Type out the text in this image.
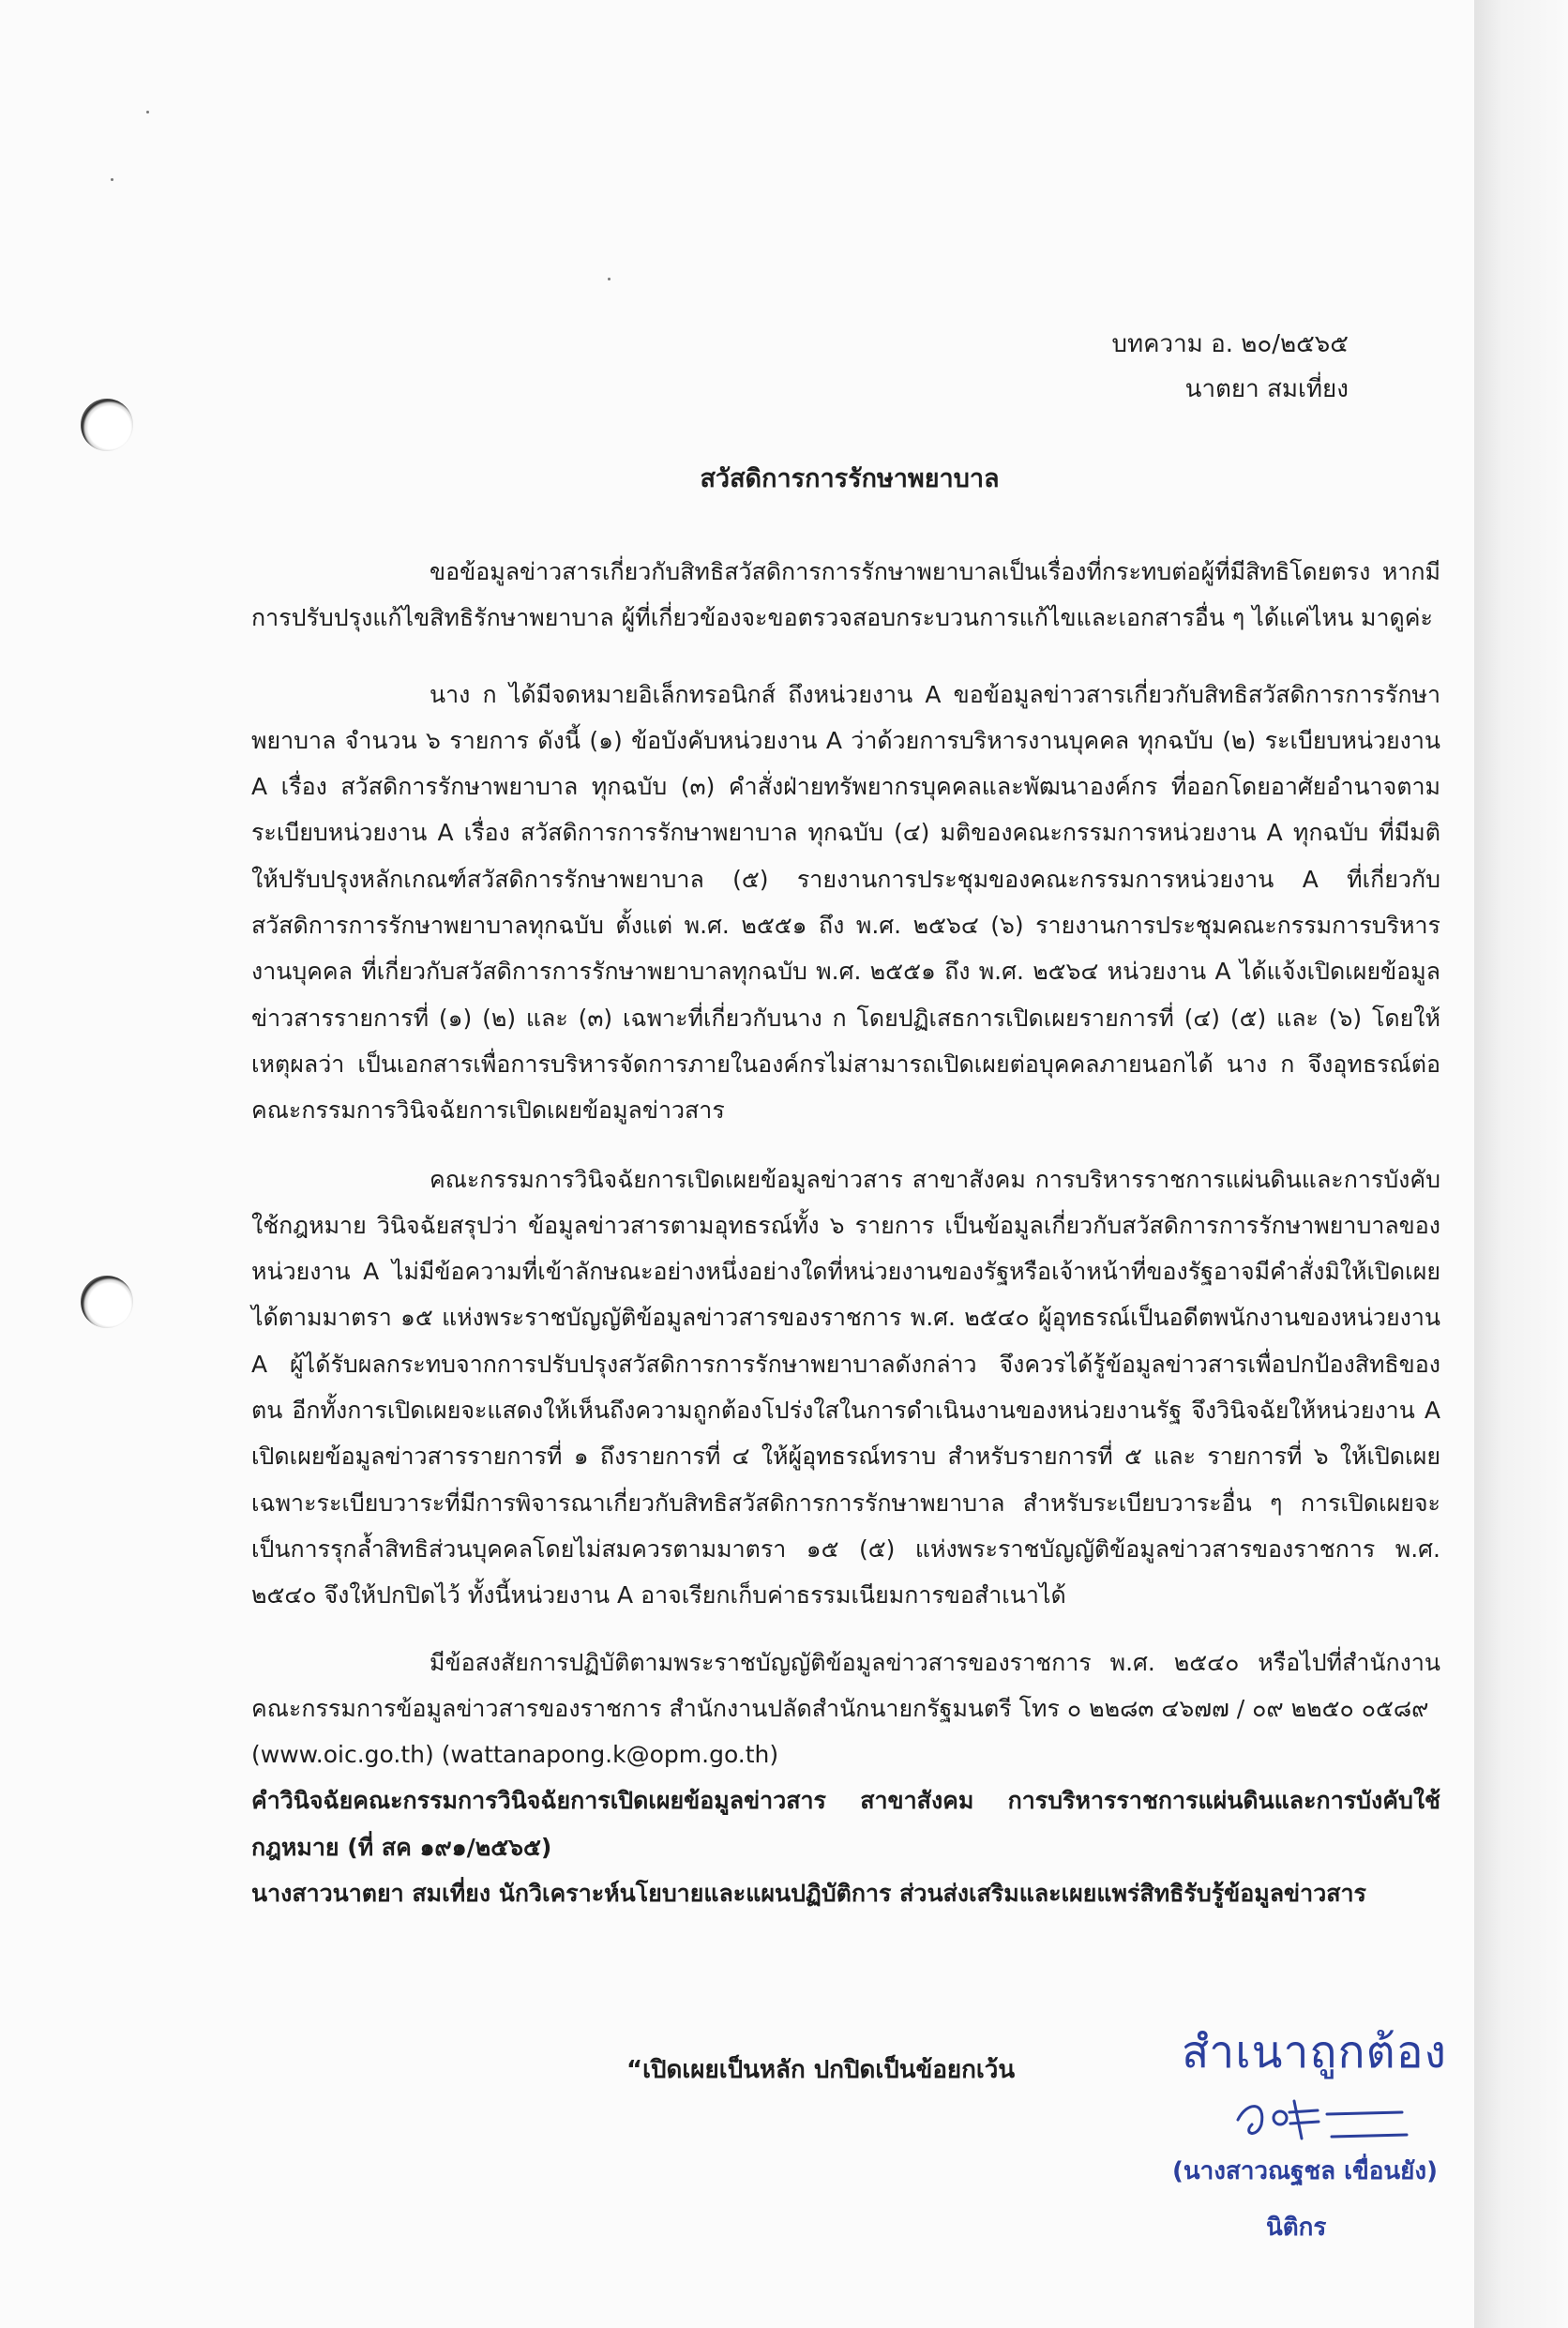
บทความ อ. ๒๐/๒๕๖๕
นาตยา สมเที่ยง
สวัสดิการการรักษาพยาบาล

ขอข้อมูลข่าวสารเกี่ยวกับสิทธิสวัสดิการการรักษาพยาบาลเป็นเรื่องที่กระทบต่อผู้ที่มีสิทธิโดยตรง หากมีการปรับปรุงแก้ไขสิทธิรักษาพยาบาล ผู้ที่เกี่ยวข้องจะขอตรวจสอบกระบวนการแก้ไขและเอกสารอื่น ๆ ได้แค่ไหน มาดูค่ะ

นาง ก ได้มีจดหมายอิเล็กทรอนิกส์ ถึงหน่วยงาน A ขอข้อมูลข่าวสารเกี่ยวกับสิทธิสวัสดิการการรักษาพยาบาล จำนวน ๖ รายการ ดังนี้ (๑) ข้อบังคับหน่วยงาน A ว่าด้วยการบริหารงานบุคคล ทุกฉบับ (๒) ระเบียบหน่วยงาน A เรื่อง สวัสดิการรักษาพยาบาล ทุกฉบับ (๓) คำสั่งฝ่ายทรัพยากรบุคคลและพัฒนาองค์กร ที่ออกโดยอาศัยอำนาจตามระเบียบหน่วยงาน A เรื่อง สวัสดิการการรักษาพยาบาล ทุกฉบับ (๔) มติของคณะกรรมการหน่วยงาน A ทุกฉบับ ที่มีมติให้ปรับปรุงหลักเกณฑ์สวัสดิการรักษาพยาบาล (๕) รายงานการประชุมของคณะกรรมการหน่วยงาน A ที่เกี่ยวกับสวัสดิการการรักษาพยาบาลทุกฉบับ ตั้งแต่ พ.ศ. ๒๕๕๑ ถึง พ.ศ. ๒๕๖๔ (๖) รายงานการประชุมคณะกรรมการบริหารงานบุคคล ที่เกี่ยวกับสวัสดิการการรักษาพยาบาลทุกฉบับ พ.ศ. ๒๕๕๑ ถึง พ.ศ. ๒๕๖๔ หน่วยงาน A ได้แจ้งเปิดเผยข้อมูลข่าวสารรายการที่ (๑) (๒) และ (๓) เฉพาะที่เกี่ยวกับนาง ก โดยปฏิเสธการเปิดเผยรายการที่ (๔) (๕) และ (๖) โดยให้เหตุผลว่า เป็นเอกสารเพื่อการบริหารจัดการภายในองค์กรไม่สามารถเปิดเผยต่อบุคคลภายนอกได้ นาง ก จึงอุทธรณ์ต่อคณะกรรมการวินิจฉัยการเปิดเผยข้อมูลข่าวสาร

คณะกรรมการวินิจฉัยการเปิดเผยข้อมูลข่าวสาร สาขาสังคม การบริหารราชการแผ่นดินและการบังคับใช้กฎหมาย วินิจฉัยสรุปว่า ข้อมูลข่าวสารตามอุทธรณ์ทั้ง ๖ รายการ เป็นข้อมูลเกี่ยวกับสวัสดิการการรักษาพยาบาลของหน่วยงาน A ไม่มีข้อความที่เข้าลักษณะอย่างหนึ่งอย่างใดที่หน่วยงานของรัฐหรือเจ้าหน้าที่ของรัฐอาจมีคำสั่งมิให้เปิดเผยได้ตามมาตรา ๑๕ แห่งพระราชบัญญัติข้อมูลข่าวสารของราชการ พ.ศ. ๒๕๔๐ ผู้อุทธรณ์เป็นอดีตพนักงานของหน่วยงาน A ผู้ได้รับผลกระทบจากการปรับปรุงสวัสดิการการรักษาพยาบาลดังกล่าว จึงควรได้รู้ข้อมูลข่าวสารเพื่อปกป้องสิทธิของตน อีกทั้งการเปิดเผยจะแสดงให้เห็นถึงความถูกต้องโปร่งใสในการดำเนินงานของหน่วยงานรัฐ จึงวินิจฉัยให้หน่วยงาน A เปิดเผยข้อมูลข่าวสารรายการที่ ๑ ถึงรายการที่ ๔ ให้ผู้อุทธรณ์ทราบ สำหรับรายการที่ ๕ และ รายการที่ ๖ ให้เปิดเผยเฉพาะระเบียบวาระที่มีการพิจารณาเกี่ยวกับสิทธิสวัสดิการการรักษาพยาบาล สำหรับระเบียบวาระอื่น ๆ การเปิดเผยจะเป็นการรุกล้ำสิทธิส่วนบุคคลโดยไม่สมควรตามมาตรา ๑๕ (๕) แห่งพระราชบัญญัติข้อมูลข่าวสารของราชการ พ.ศ. ๒๕๔๐ จึงให้ปกปิดไว้ ทั้งนี้หน่วยงาน A อาจเรียกเก็บค่าธรรมเนียมการขอสำเนาได้

มีข้อสงสัยการปฏิบัติตามพระราชบัญญัติข้อมูลข่าวสารของราชการ พ.ศ. ๒๕๔๐ หรือไปที่สำนักงานคณะกรรมการข้อมูลข่าวสารของราชการ สำนักงานปลัดสำนักนายกรัฐมนตรี โทร ๐ ๒๒๘๓ ๔๖๗๗ / ๐๙ ๒๒๕๐ ๐๕๘๙

(www.oic.go.th) (wattanapong.k@opm.go.th)

คำวินิจฉัยคณะกรรมการวินิจฉัยการเปิดเผยข้อมูลข่าวสาร สาขาสังคม การบริหารราชการแผ่นดินและการบังคับใช้กฎหมาย (ที่ สค ๑๙๑/๒๕๖๕)

นางสาวนาตยา สมเที่ยง นักวิเคราะห์นโยบายและแผนปฏิบัติการ ส่วนส่งเสริมและเผยแพร่สิทธิรับรู้ข้อมูลข่าวสาร

“เปิดเผยเป็นหลัก ปกปิดเป็นข้อยกเว้น	สำเนาถูกต้อง
(นางสาวณฐชล เขื่อนยัง)
นิติกร
